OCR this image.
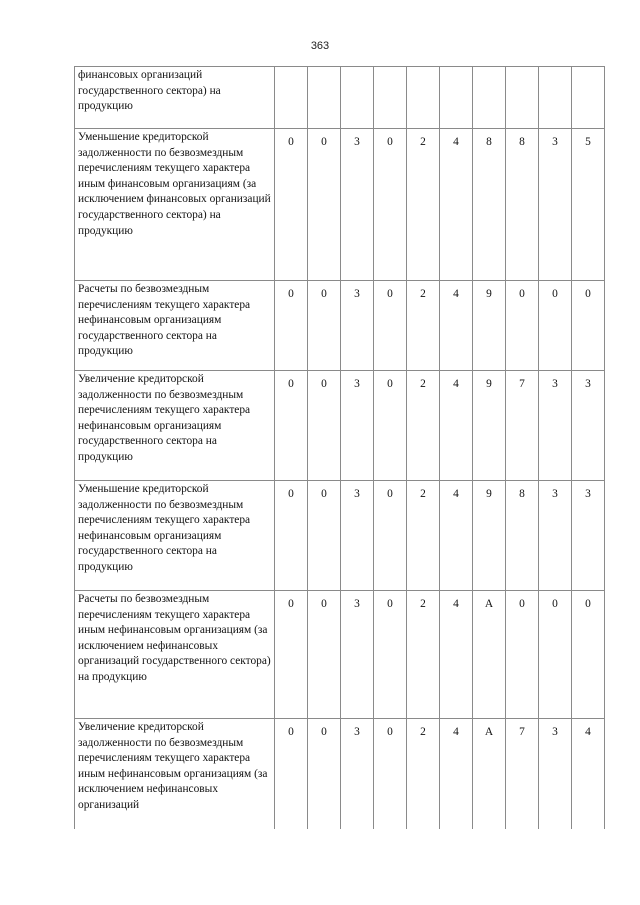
363
финансовых организаций государственного сектора) на продукцию										
Уменьшение кредиторской задолженности по безвозмездным перечислениям текущего характера иным финансовым организациям (за исключением финансовых организаций государственного сектора) на продукцию	0	0	3	0	2	4	8	8	3	5
Расчеты по безвозмездным перечислениям текущего характера нефинансовым организациям государственного сектора на продукцию	0	0	3	0	2	4	9	0	0	0
Увеличение кредиторской задолженности по безвозмездным перечислениям текущего характера нефинансовым организациям государственного сектора на продукцию	0	0	3	0	2	4	9	7	3	3
Уменьшение кредиторской задолженности по безвозмездным перечислениям текущего характера нефинансовым организациям государственного сектора на продукцию	0	0	3	0	2	4	9	8	3	3
Расчеты по безвозмездным перечислениям текущего характера иным нефинансовым организациям (за исключением нефинансовых организаций государственного сектора) на продукцию	0	0	3	0	2	4	А	0	0	0
Увеличение кредиторской задолженности по безвозмездным перечислениям текущего характера иным нефинансовым организациям (за исключением нефинансовых организаций	0	0	3	0	2	4	А	7	3	4
